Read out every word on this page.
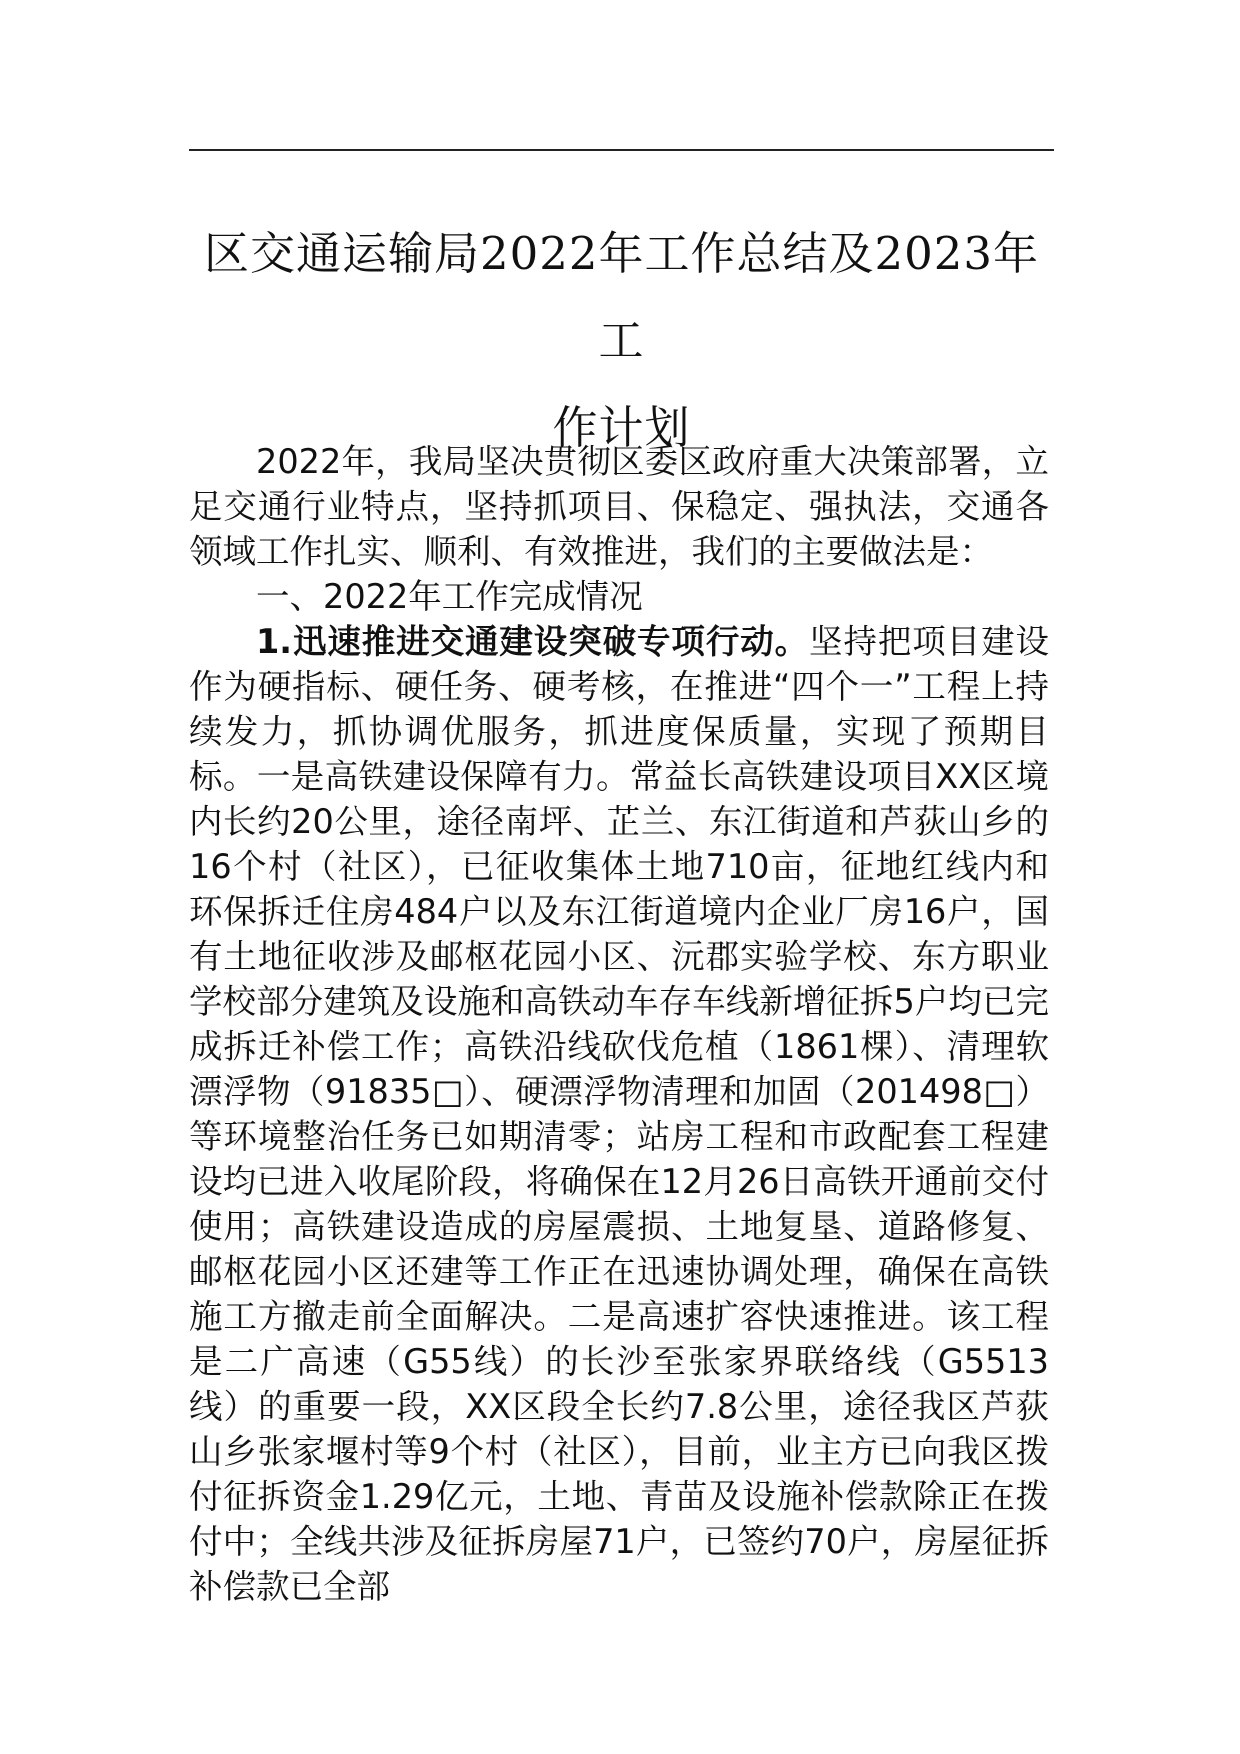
区交通运输局2022年工作总结及2023年工
作计划

2022年，我局坚决贯彻区委区政府重大决策部署，立足交通行业特点，坚持抓项目、保稳定、强执法，交通各领域工作扎实、顺利、有效推进，我们的主要做法是：

一、2022年工作完成情况

1.迅速推进交通建设突破专项行动。坚持把项目建设作为硬指标、硬任务、硬考核，在推进“四个一”工程上持续发力，抓协调优服务，抓进度保质量，实现了预期目标。一是高铁建设保障有力。常益长高铁建设项目XX区境内长约20公里，途径南坪、芷兰、东江街道和芦荻山乡的16个村（社区），已征收集体土地710亩，征地红线内和环保拆迁住房484户以及东江街道境内企业厂房16户，国有土地征收涉及邮枢花园小区、沅郡实验学校、东方职业学校部分建筑及设施和高铁动车存车线新增征拆5户均已完成拆迁补偿工作；高铁沿线砍伐危植（1861棵）、清理软漂浮物（91835□）、硬漂浮物清理和加固（201498□）等环境整治任务已如期清零；站房工程和市政配套工程建设均已进入收尾阶段，将确保在12月26日高铁开通前交付使用；高铁建设造成的房屋震损、土地复垦、道路修复、邮枢花园小区还建等工作正在迅速协调处理，确保在高铁施工方撤走前全面解决。二是高速扩容快速推进。该工程是二广高速（G55线）的长沙至张家界联络线（G5513线）的重要一段，XX区段全长约7.8公里，途径我区芦荻山乡张家堰村等9个村（社区），目前，业主方已向我区拨付征拆资金1.29亿元，土地、青苗及设施补偿款除正在拨付中；全线共涉及征拆房屋71户，已签约70户，房屋征拆补偿款已全部
